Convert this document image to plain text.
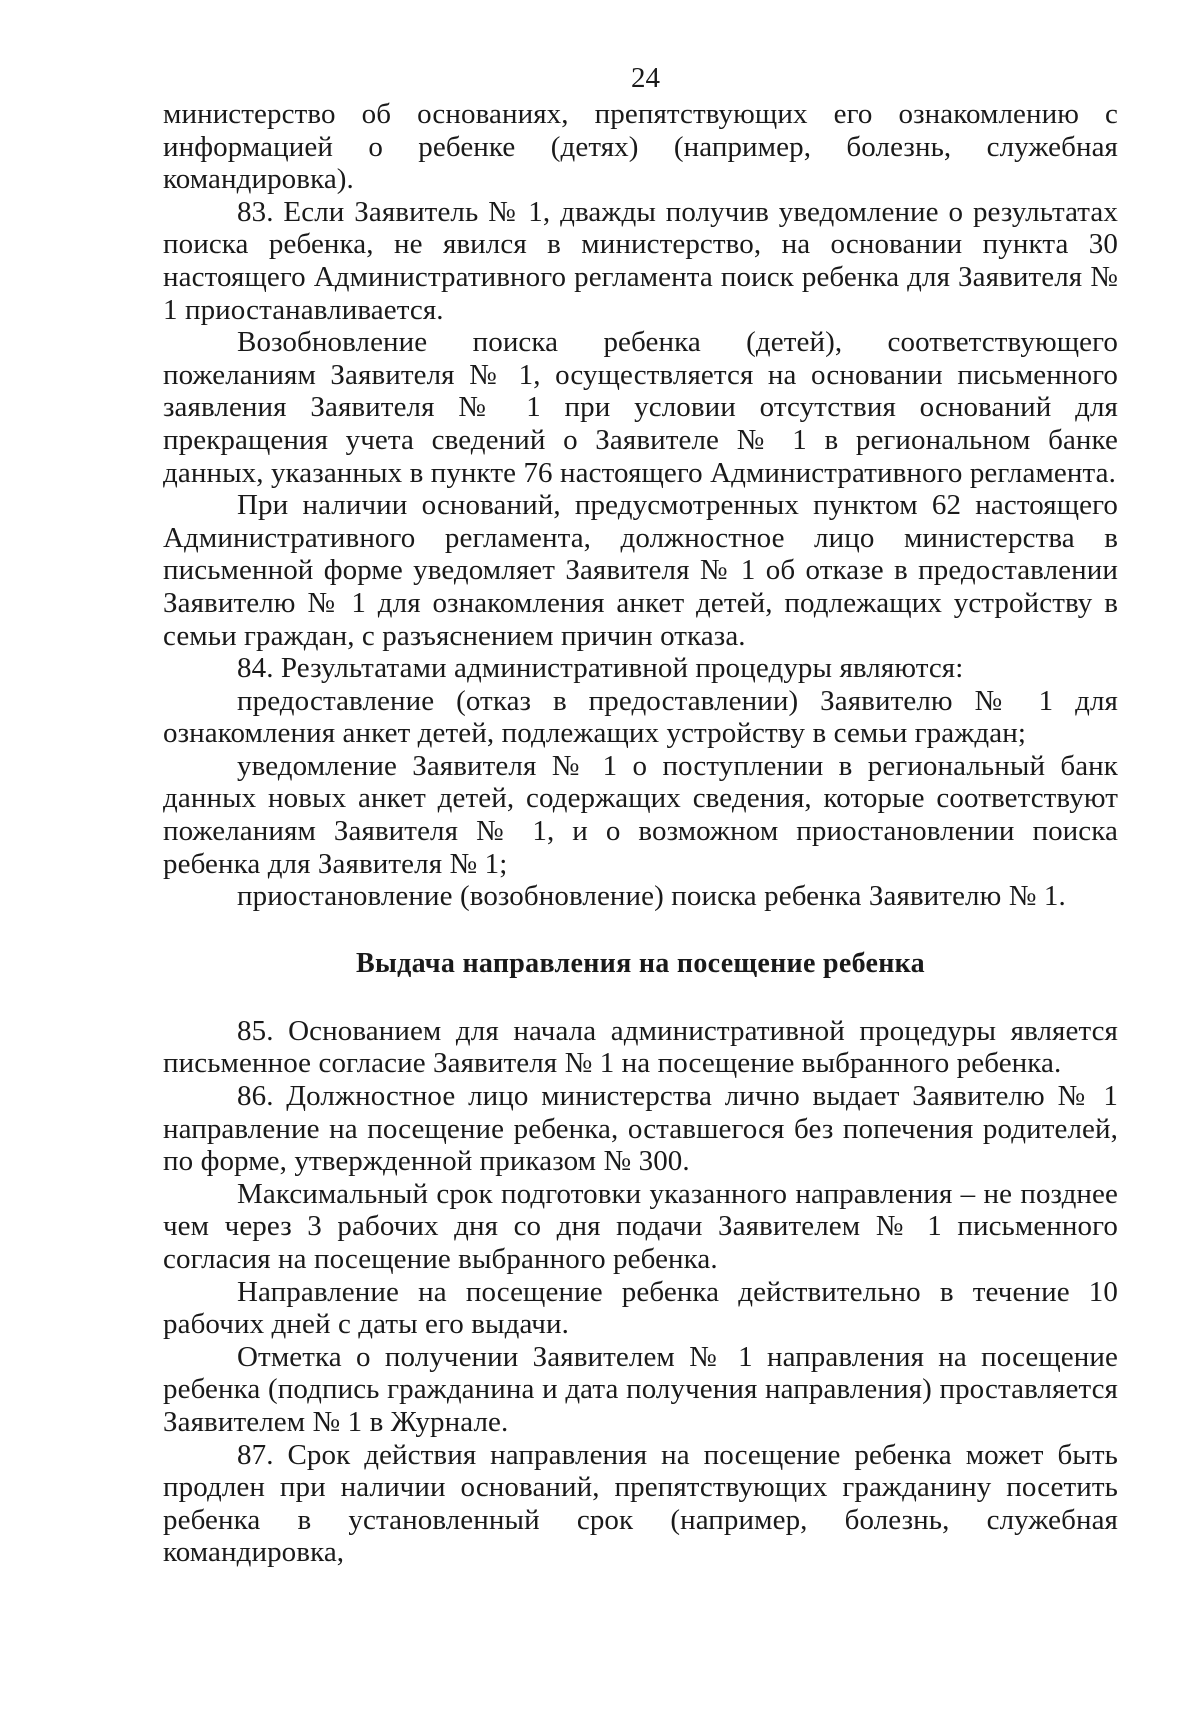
24

министерство об основаниях, препятствующих его ознакомлению с информацией о ребенке (детях) (например, болезнь, служебная командировка).

83. Если Заявитель № 1, дважды получив уведомление о результатах поиска ребенка, не явился в министерство, на основании пункта 30 настоящего Административного регламента поиск ребенка для Заявителя № 1 приостанавливается.

Возобновление поиска ребенка (детей), соответствующего пожеланиям Заявителя № 1, осуществляется на основании письменного заявления Заявителя № 1 при условии отсутствия оснований для прекращения учета сведений о Заявителе № 1 в региональном банке данных, указанных в пункте 76 настоящего Административного регламента.

При наличии оснований, предусмотренных пунктом 62 настоящего Административного регламента, должностное лицо министерства в письменной форме уведомляет Заявителя № 1 об отказе в предоставлении Заявителю № 1 для ознакомления анкет детей, подлежащих устройству в семьи граждан, с разъяснением причин отказа.

84. Результатами административной процедуры являются:

предоставление (отказ в предоставлении) Заявителю № 1 для ознакомления анкет детей, подлежащих устройству в семьи граждан;

уведомление Заявителя № 1 о поступлении в региональный банк данных новых анкет детей, содержащих сведения, которые соответствуют пожеланиям Заявителя № 1, и о возможном приостановлении поиска ребенка для Заявителя № 1;

приостановление (возобновление) поиска ребенка Заявителю № 1.

Выдача направления на посещение ребенка

85. Основанием для начала административной процедуры является письменное согласие Заявителя № 1 на посещение выбранного ребенка.

86. Должностное лицо министерства лично выдает Заявителю № 1 направление на посещение ребенка, оставшегося без попечения родителей, по форме, утвержденной приказом № 300.

Максимальный срок подготовки указанного направления – не позднее чем через 3 рабочих дня со дня подачи Заявителем № 1 письменного согласия на посещение выбранного ребенка.

Направление на посещение ребенка действительно в течение 10 рабочих дней с даты его выдачи.

Отметка о получении Заявителем № 1 направления на посещение ребенка (подпись гражданина и дата получения направления) проставляется Заявителем № 1 в Журнале.

87. Срок действия направления на посещение ребенка может быть продлен при наличии оснований, препятствующих гражданину посетить ребенка в установленный срок (например, болезнь, служебная командировка,
